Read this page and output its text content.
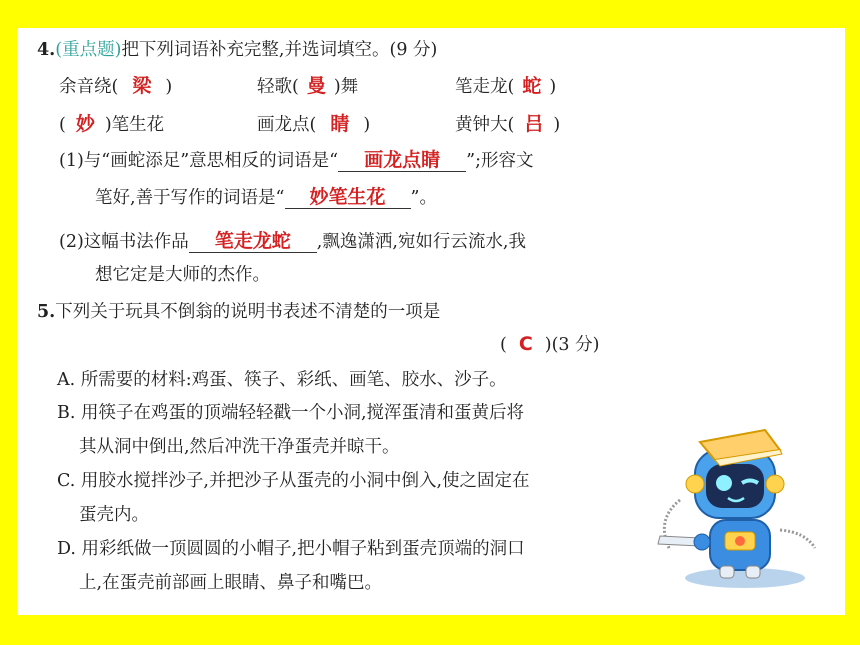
4.(重点题)把下列词语补充完整,并选词填空。(9 分)
余音绕( 梁 )	轻歌( 曼 )舞	笔走龙( 蛇 )
( 妙 )笔生花	画龙点( 睛 )	黄钟大( 吕 )
(1)与“画蛇添足”意思相反的词语是“ 画龙点睛 ”;形容文
笔好,善于写作的词语是“ 妙笔生花 ”。
(2)这幅书法作品 笔走龙蛇 ,飘逸潇洒,宛如行云流水,我
想它定是大师的杰作。
5.下列关于玩具不倒翁的说明书表述不清楚的一项是
( C )(3 分)
A. 所需要的材料:鸡蛋、筷子、彩纸、画笔、胶水、沙子。
B. 用筷子在鸡蛋的顶端轻轻戳一个小洞,搅浑蛋清和蛋黄后将
其从洞中倒出,然后冲洗干净蛋壳并晾干。
C. 用胶水搅拌沙子,并把沙子从蛋壳的小洞中倒入,使之固定在
蛋壳内。
D. 用彩纸做一顶圆圆的小帽子,把小帽子粘到蛋壳顶端的洞口
上,在蛋壳前部画上眼睛、鼻子和嘴巴。
